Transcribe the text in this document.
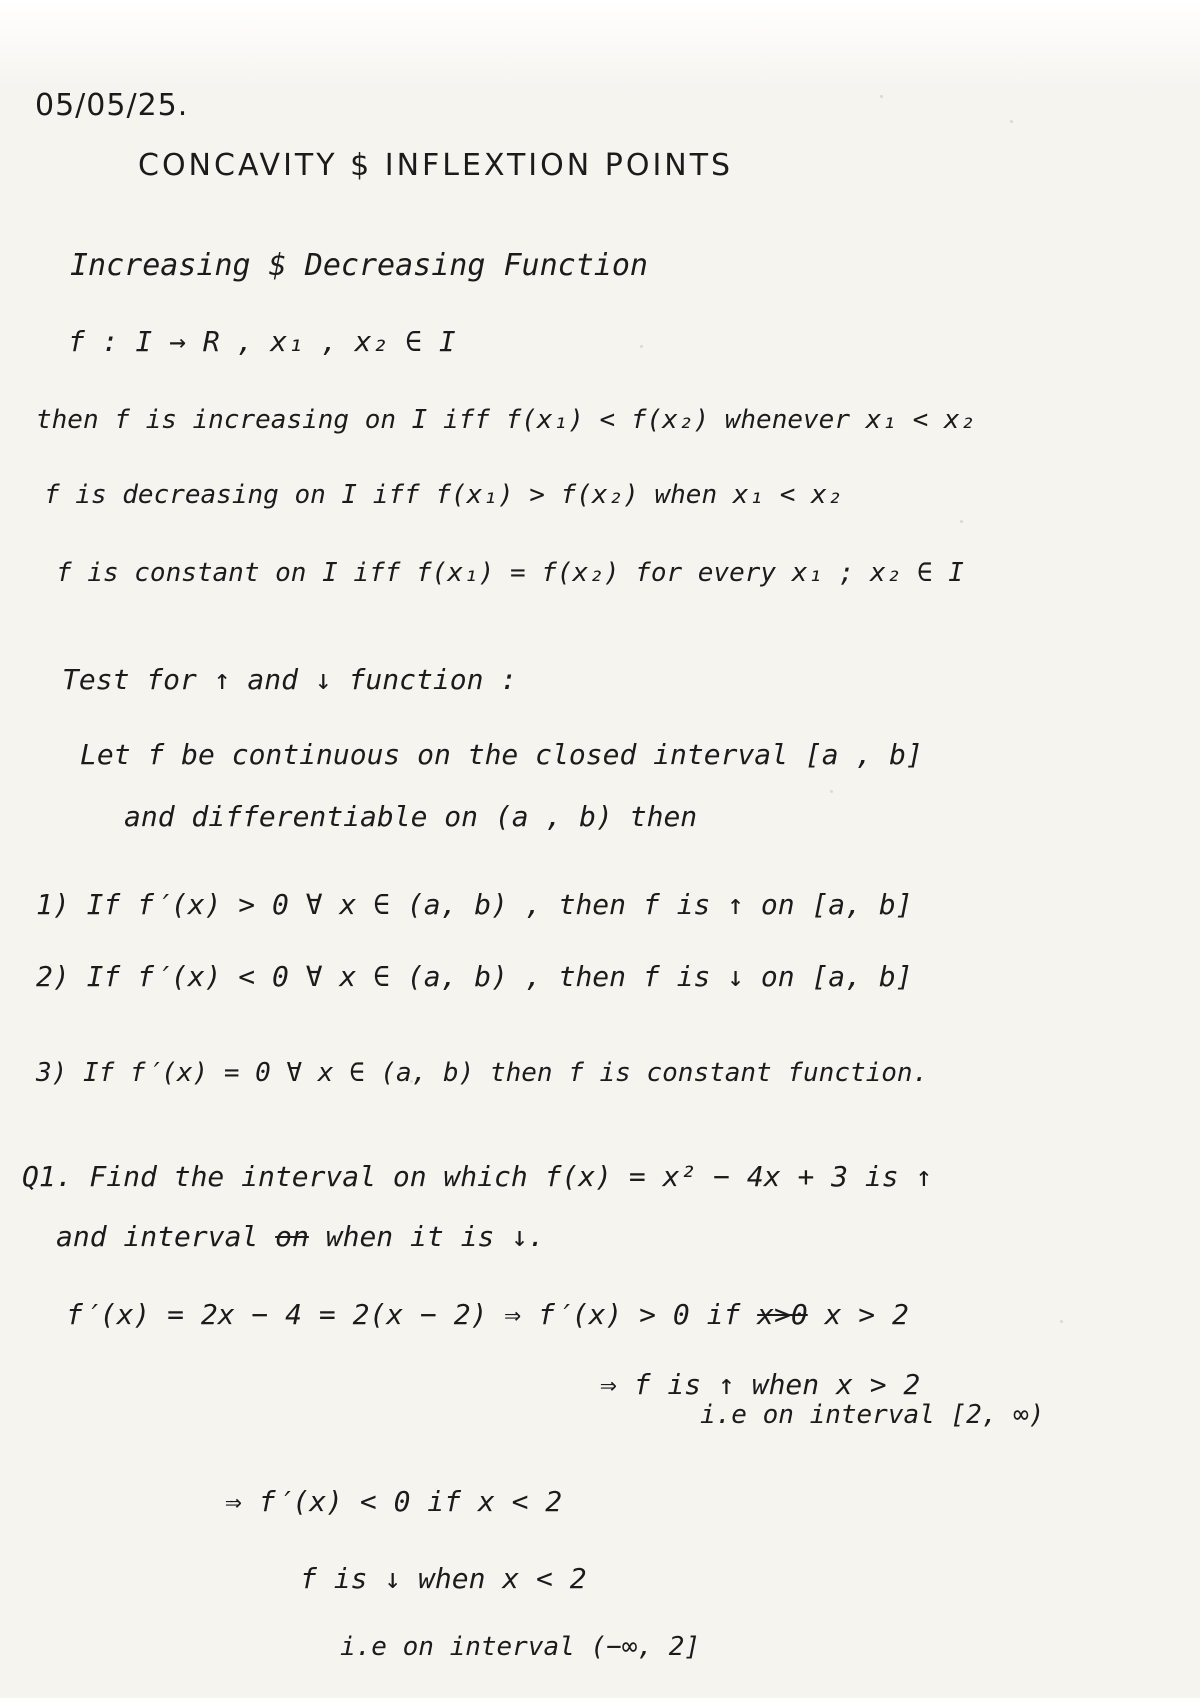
05/05/25.
CONCAVITY $ INFLEXTION POINTS
Increasing $ Decreasing Function
f : I → R , x₁ , x₂ ∈ I
then f is increasing on I iff f(x₁) < f(x₂) whenever x₁ < x₂
f is decreasing on I iff f(x₁) > f(x₂) when x₁ < x₂
f is constant on I iff f(x₁) = f(x₂) for every x₁ ; x₂ ∈ I
Test for ↑ and ↓ function :
Let f be continuous on the closed interval [a , b]
and differentiable on (a , b) then
1) If f′(x) > 0 ∀ x ∈ (a, b) , then f is ↑ on [a, b]
2) If f′(x) < 0 ∀ x ∈ (a, b) , then f is ↓ on [a, b]
3) If f′(x) = 0 ∀ x ∈ (a, b) then f is constant function.
Q1. Find the interval on which f(x) = x² − 4x + 3 is ↑
and interval on when it is ↓.
f′(x) = 2x − 4 = 2(x − 2) ⇒ f′(x) > 0 if x>0 x > 2
⇒ f is ↑ when x > 2
i.e on interval [2, ∞)
⇒ f′(x) < 0 if x < 2
f is ↓ when x < 2
i.e on interval (−∞, 2]
